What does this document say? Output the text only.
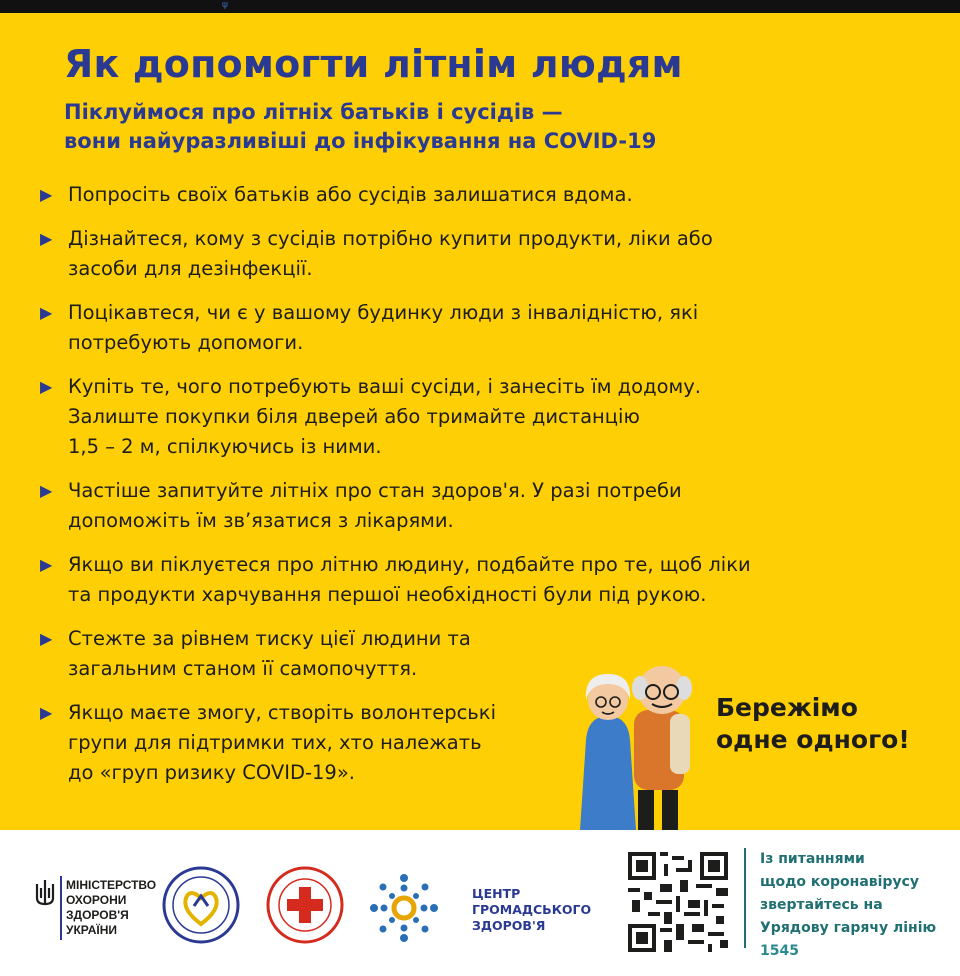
ψ
Як допомогти літнім людям
Піклуймося про літніх батьків і сусідів —
вони найуразливіші до інфікування на COVID-19
▶ Попросіть своїх батьків або сусідів залишатися вдома.
▶ Дізнайтеся, кому з сусідів потрібно купити продукти, ліки або
засоби для дезінфекції.
▶ Поцікавтеся, чи є у вашому будинку люди з інвалідністю, які
потребують допомоги.
▶ Купіть те, чого потребують ваші сусіди, і занесіть їм додому.
Залиште покупки біля дверей або тримайте дистанцію
1,5 – 2 м, спілкуючись із ними.
▶ Частіше запитуйте літніх про стан здоров'я. У разі потреби
допоможіть їм зв’язатися з лікарями.
▶ Якщо ви піклуєтеся про літню людину, подбайте про те, щоб ліки
та продукти харчування першої необхідності були під рукою.
▶ Стежте за рівнем тиску цієї людини та
загальним станом її самопочуття.
▶ Якщо маєте змогу, створіть волонтерські
групи для підтримки тих, хто належать
до «груп ризику COVID-19».
Бережімо
одне одного!
МІНІСТЕРСТВО
ОХОРОНИ
ЗДОРОВ'Я
УКРАЇНИ
ЦЕНТР
ГРОМАДСЬКОГО
ЗДОРОВ'Я
Із питаннями
щодо коронавірусу
звертайтесь на
Урядову гарячу лінію
1545
